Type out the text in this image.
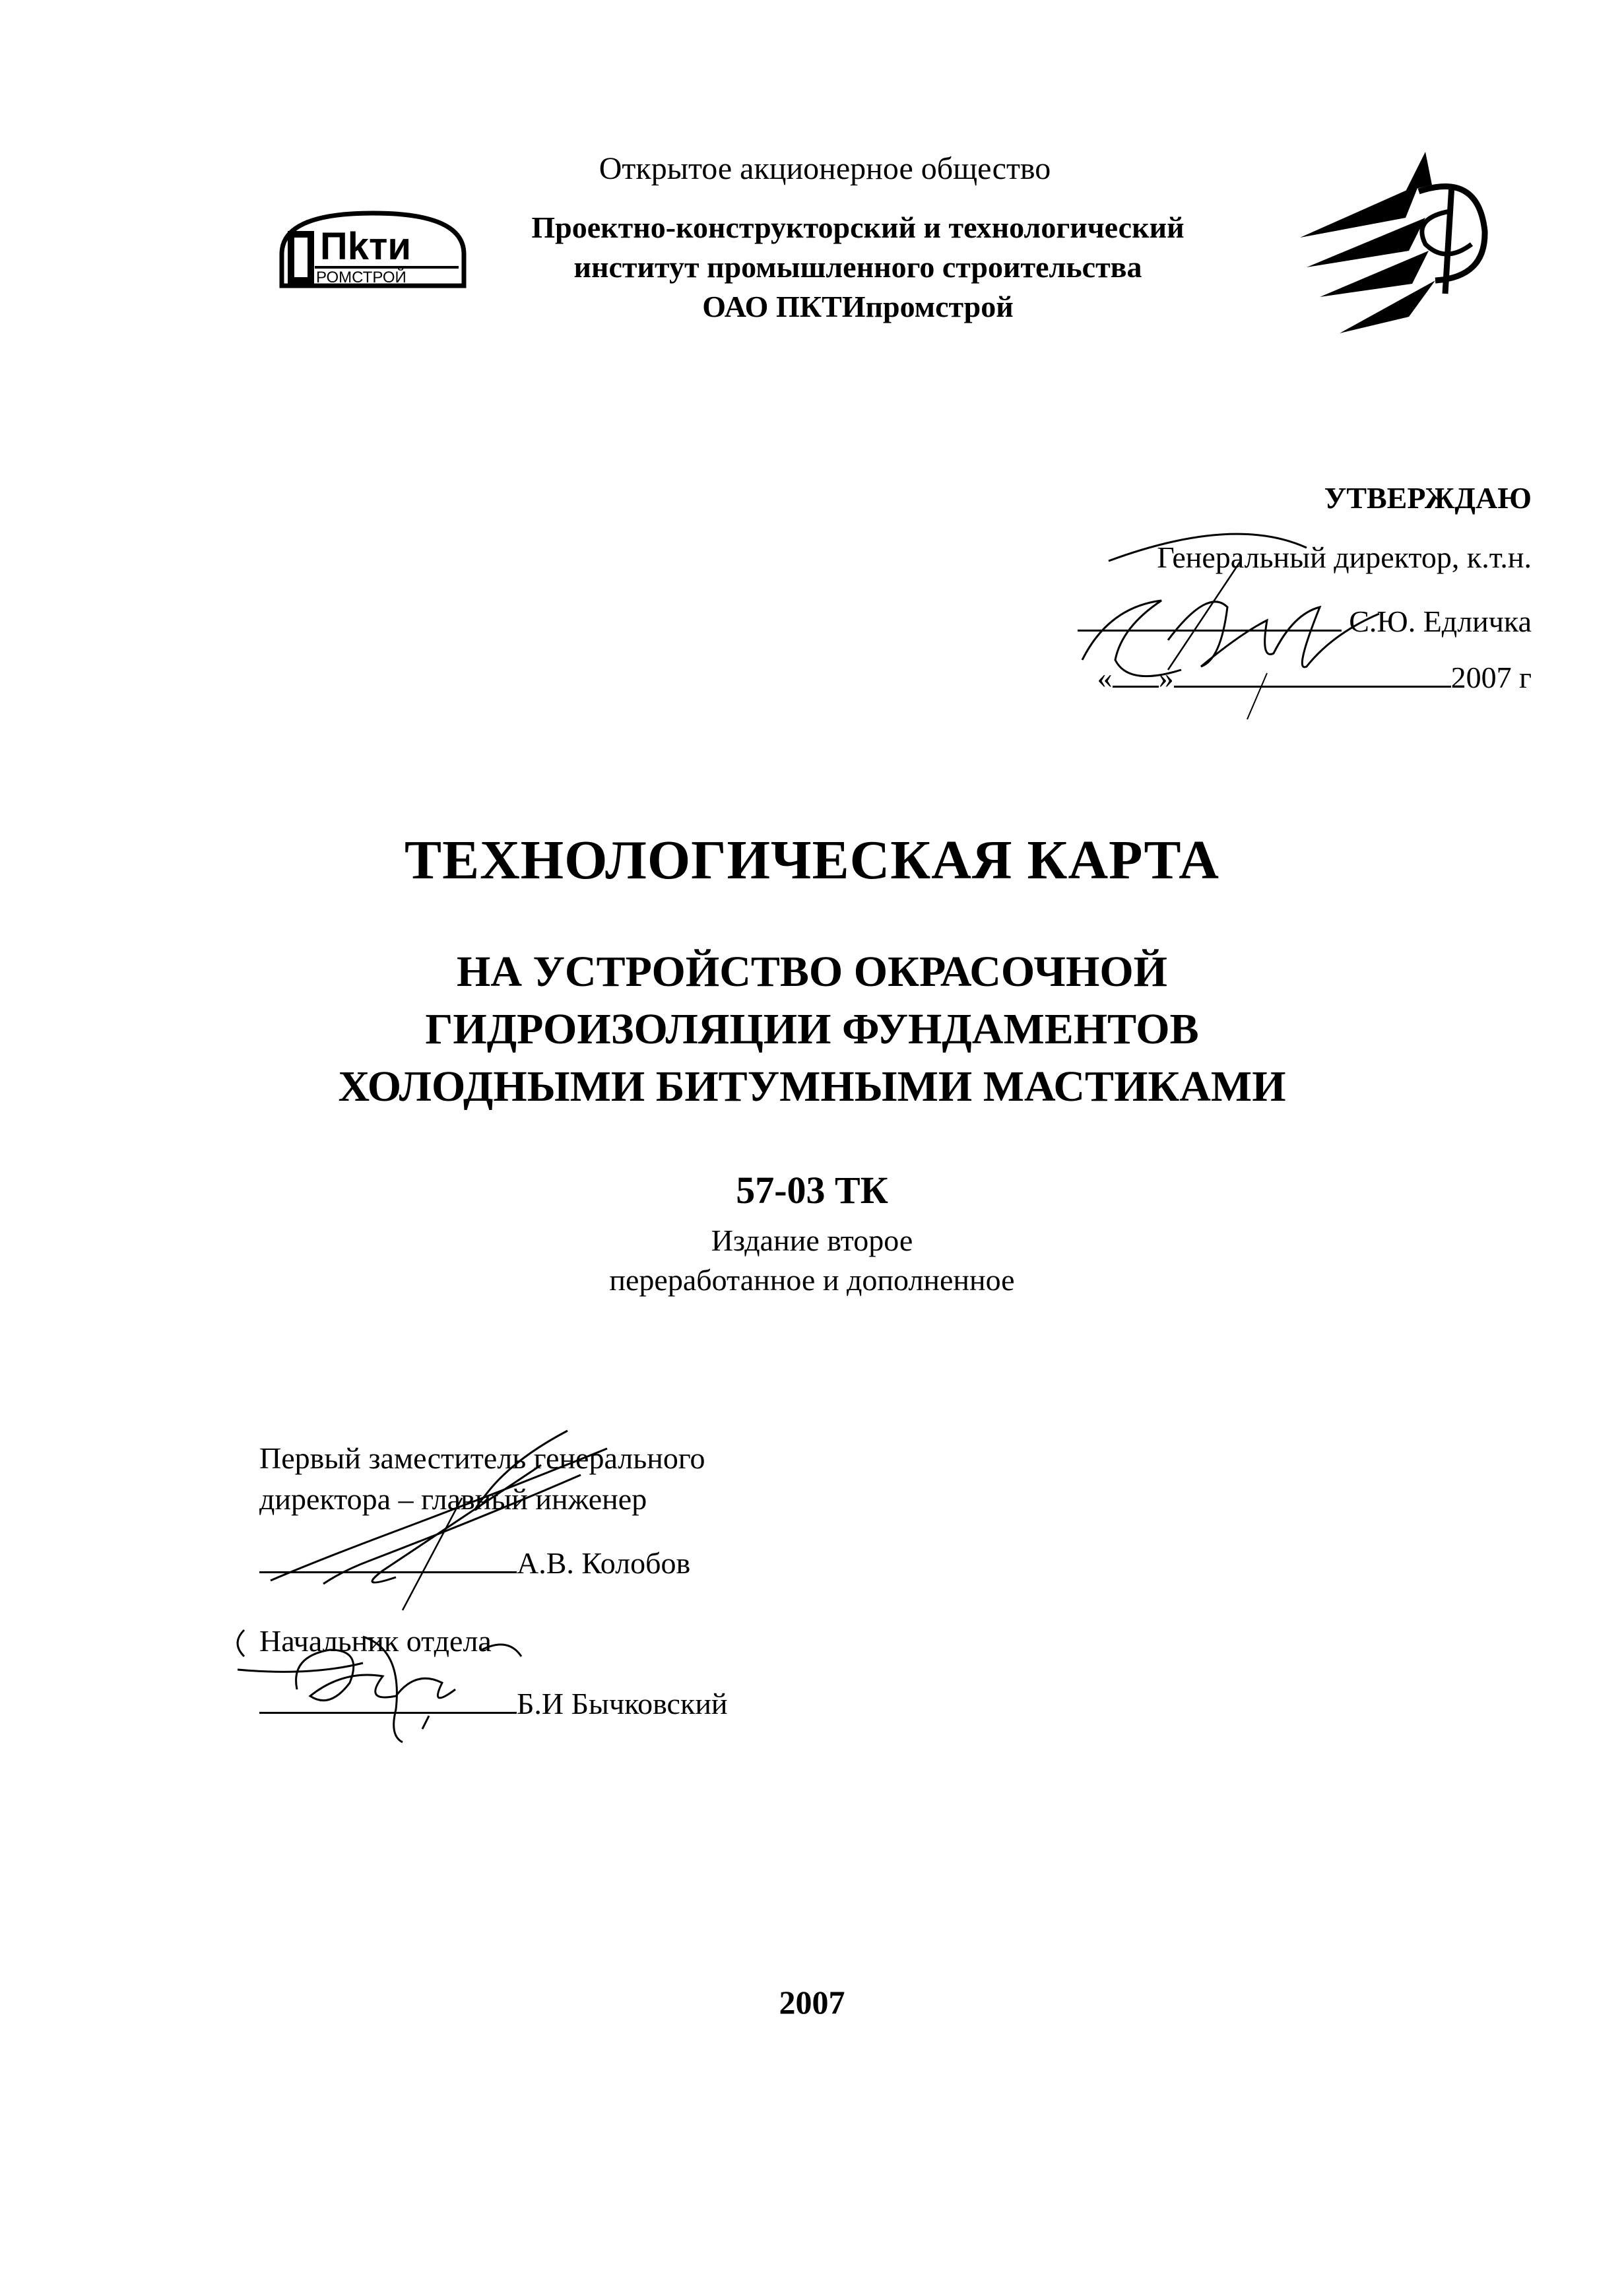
Пkти
РОМСТРОЙ
Открытое акционерное общество
Проектно-конструкторский и технологический
институт промышленного строительства
ОАО ПКТИпромстрой
УТВЕРЖДАЮ
Генеральный директор, к.т.н.
С.Ю. Едличка
« »	2007 г
ТЕХНОЛОГИЧЕСКАЯ КАРТА
НА УСТРОЙСТВО ОКРАСОЧНОЙ
ГИДРОИЗОЛЯЦИИ ФУНДАМЕНТОВ
ХОЛОДНЫМИ БИТУМНЫМИ МАСТИКАМИ
57-03 ТК
Издание второе
переработанное и дополненное
Первый заместитель генерального
директора – главный инженер
А.В. Колобов
Начальник отдела
Б.И Бычковский
2007
